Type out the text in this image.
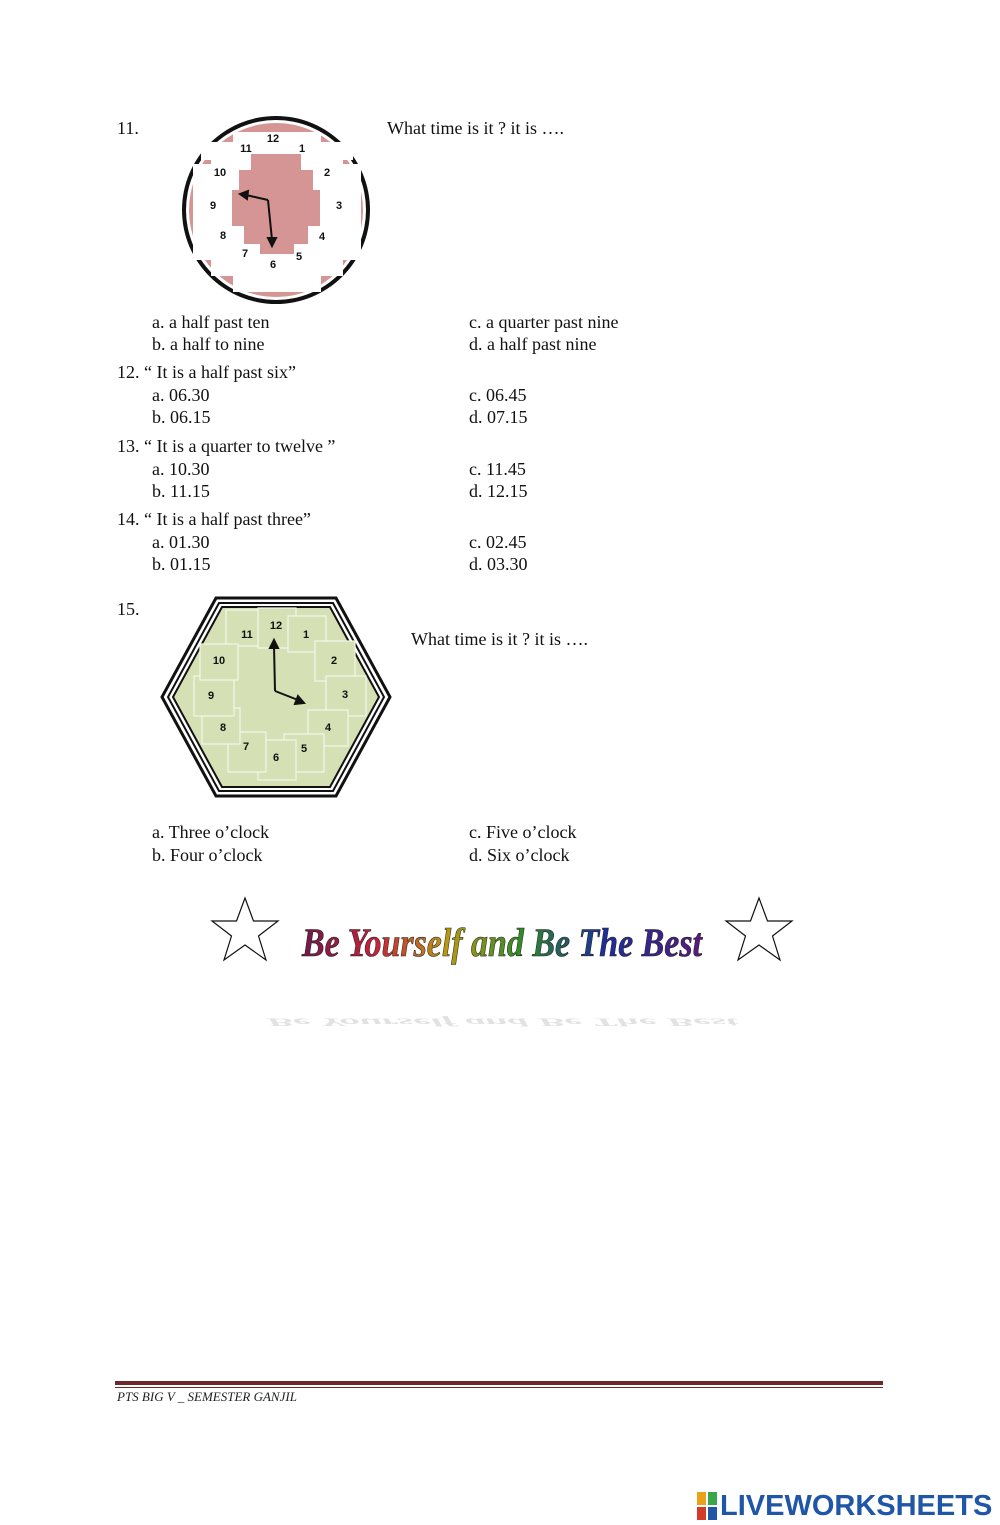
11.
12
1
2
3
4
5
6
7
8
9
10
11
What time is it ? it is ….
a. a half past ten
b. a half to nine
c. a quarter past nine
d. a half past nine
12. “ It is a half past six”
a. 06.30
b. 06.15
c. 06.45
d. 07.15
13. “ It is a quarter to twelve ”
a. 10.30
b. 11.15
c. 11.45
d. 12.15
14. “ It is a half past three”
a. 01.30
b. 01.15
c. 02.45
d. 03.30
15.
12
1
2
3
4
5
6
7
8
9
10
11	What time is it ? it is ….
a. Three o’clock
b. Four o’clock
c. Five o’clock
d. Six o’clock
Be Yourself and Be The Best
Be Yourself and Be The Best
PTS BIG V _ SEMESTER GANJIL
LIVEWORKSHEETS
